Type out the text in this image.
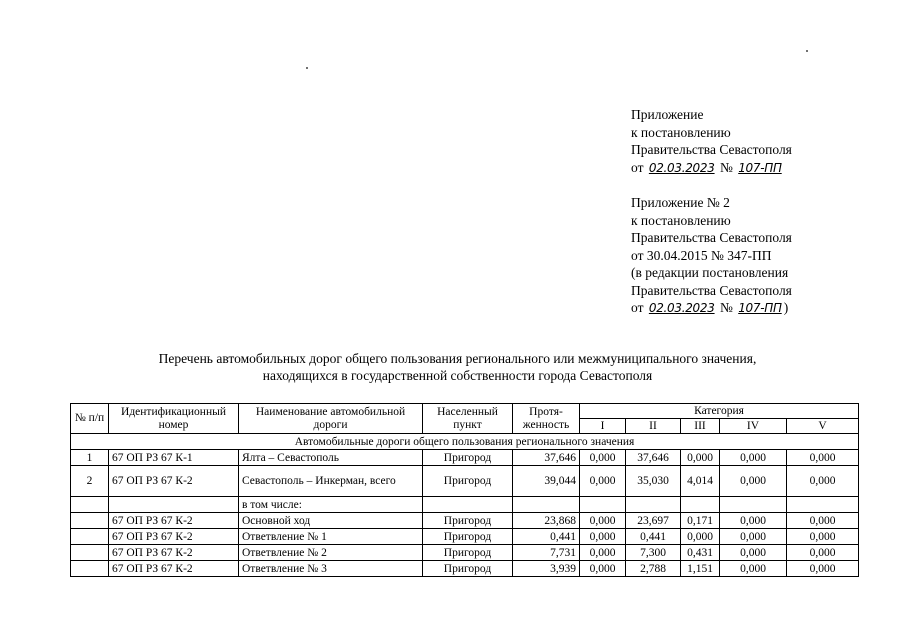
Приложение
к постановлению
Правительства Севастополя
от 02.03.2023 № 107-ПП
Приложение № 2
к постановлению
Правительства Севастополя
от 30.04.2015 № 347-ПП
(в редакции постановления
Правительства Севастополя
от 02.03.2023 № 107-ПП )
Перечень автомобильных дорог общего пользования регионального или межмуниципального значения,
находящихся в государственной собственности города Севастополя
№ п/п	Идентификационный номер	Наименование автомобильной дороги	Населенный пункт	Протя-женность	Категория				
					I	II	III	IV	V
Автомобильные дороги общего пользования регионального значения									
1	67 ОП РЗ 67 К-1	Ялта – Севастополь	Пригород	37,646	0,000	37,646	0,000	0,000	0,000
2	67 ОП РЗ 67 К-2	Севастополь – Инкерман, всего	Пригород	39,044	0,000	35,030	4,014	0,000	0,000
		в том числе:							
	67 ОП РЗ 67 К-2	Основной ход	Пригород	23,868	0,000	23,697	0,171	0,000	0,000
	67 ОП РЗ 67 К-2	Ответвление № 1	Пригород	0,441	0,000	0,441	0,000	0,000	0,000
	67 ОП РЗ 67 К-2	Ответвление № 2	Пригород	7,731	0,000	7,300	0,431	0,000	0,000
	67 ОП РЗ 67 К-2	Ответвление № 3	Пригород	3,939	0,000	2,788	1,151	0,000	0,000
